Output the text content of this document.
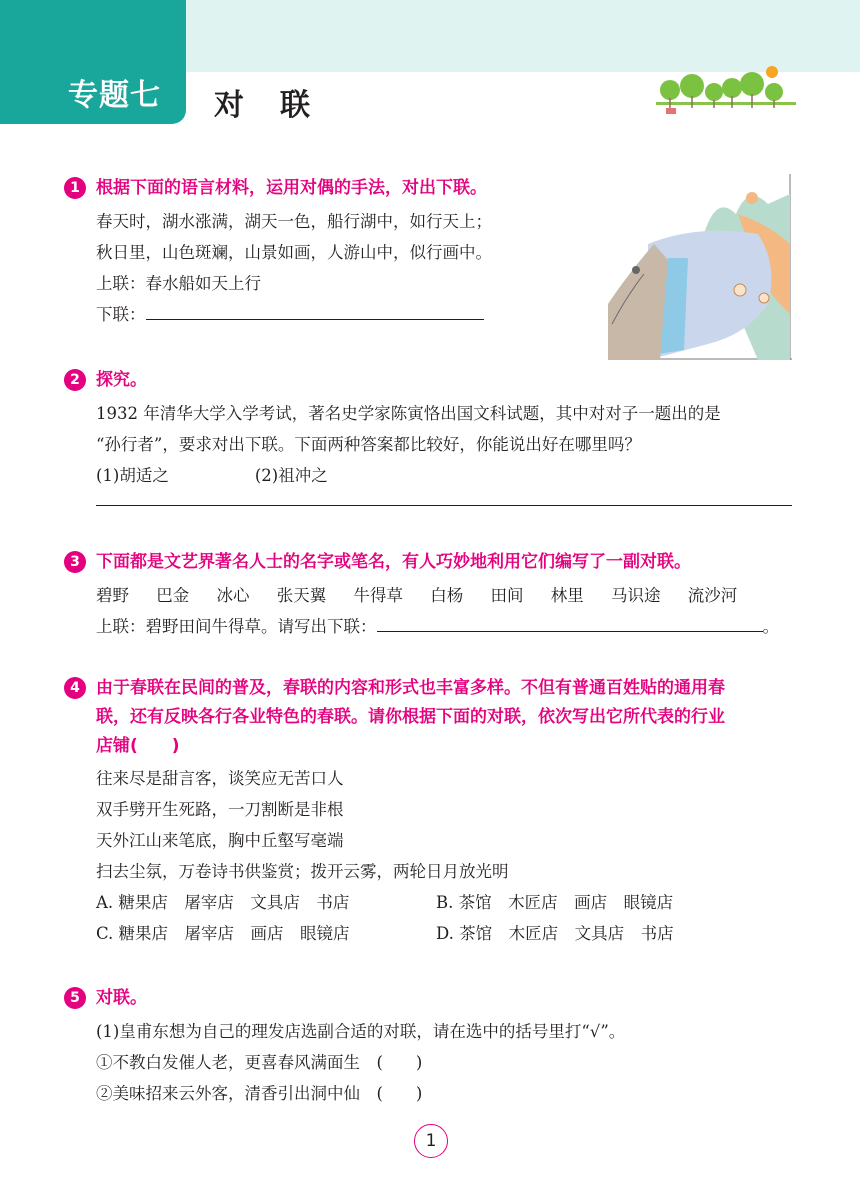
专题七 对联
1 根据下面的语言材料，运用对偶的手法，对出下联。
春天时，湖水涨满，湖天一色，船行湖中，如行天上；
秋日里，山色斑斓，山景如画，人游山中，似行画中。
上联：春水船如天上行
下联：
2 探究。
1932 年清华大学入学考试，著名史学家陈寅恪出国文科试题，其中对对子一题出的是
“孙行者”，要求对出下联。下面两种答案都比较好，你能说出好在哪里吗？
(1)胡适之	(2)祖冲之
3 下面都是文艺界著名人士的名字或笔名，有人巧妙地利用它们编写了一副对联。
碧野 巴金 冰心 张天翼 牛得草 白杨 田间 林里 马识途 流沙河
上联：碧野田间牛得草。请写出下联：	。
4 由于春联在民间的普及，春联的内容和形式也丰富多样。不但有普通百姓贴的通用春
联，还有反映各行各业特色的春联。请你根据下面的对联，依次写出它所代表的行业
店铺(　　)
往来尽是甜言客，谈笑应无苦口人
双手劈开生死路，一刀割断是非根
天外江山来笔底，胸中丘壑写毫端
扫去尘氛，万卷诗书供鉴赏；拨开云雾，两轮日月放光明
A. 糖果店　屠宰店　文具店　书店	B. 茶馆　木匠店　画店　眼镜店
C. 糖果店　屠宰店　画店　眼镜店	D. 茶馆　木匠店　文具店　书店
5 对联。
(1)皇甫东想为自己的理发店选副合适的对联，请在选中的括号里打“√”。
①不教白发催人老，更喜春风满面生　(　　)
②美味招来云外客，清香引出洞中仙　(　　)
1
